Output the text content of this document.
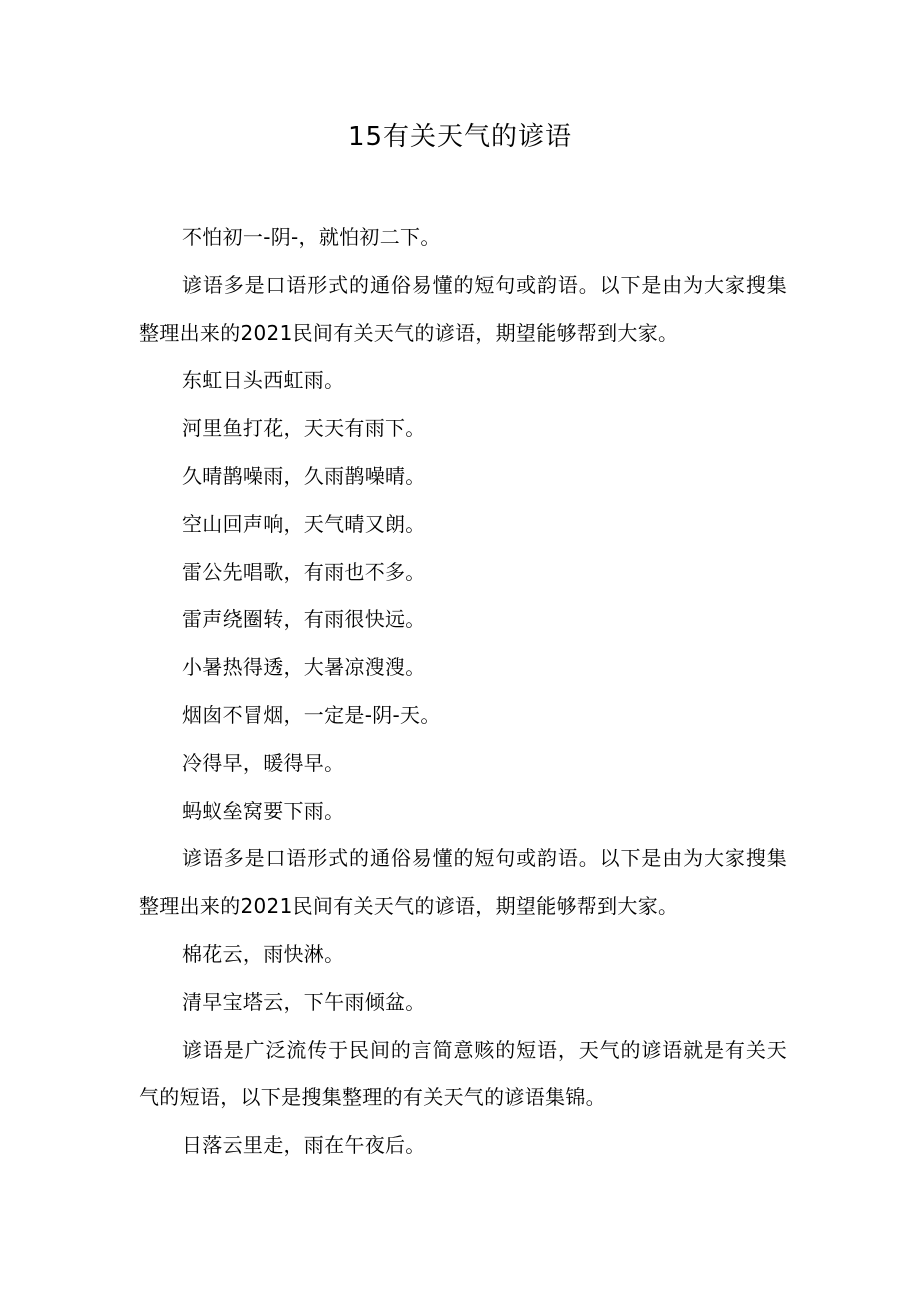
15有关天气的谚语

不怕初一-阴-，就怕初二下。

谚语多是口语形式的通俗易懂的短句或韵语。以下是由为大家搜集整理出来的2021民间有关天气的谚语，期望能够帮到大家。

东虹日头西虹雨。

河里鱼打花，天天有雨下。

久晴鹊噪雨，久雨鹊噪晴。

空山回声响，天气晴又朗。

雷公先唱歌，有雨也不多。

雷声绕圈转，有雨很快远。

小暑热得透，大暑凉溲溲。

烟囱不冒烟，一定是-阴-天。

冷得早，暖得早。

蚂蚁垒窝要下雨。

谚语多是口语形式的通俗易懂的短句或韵语。以下是由为大家搜集整理出来的2021民间有关天气的谚语，期望能够帮到大家。

棉花云，雨快淋。

清早宝塔云，下午雨倾盆。

谚语是广泛流传于民间的言简意赅的短语，天气的谚语就是有关天气的短语，以下是搜集整理的有关天气的谚语集锦。

日落云里走，雨在午夜后。
